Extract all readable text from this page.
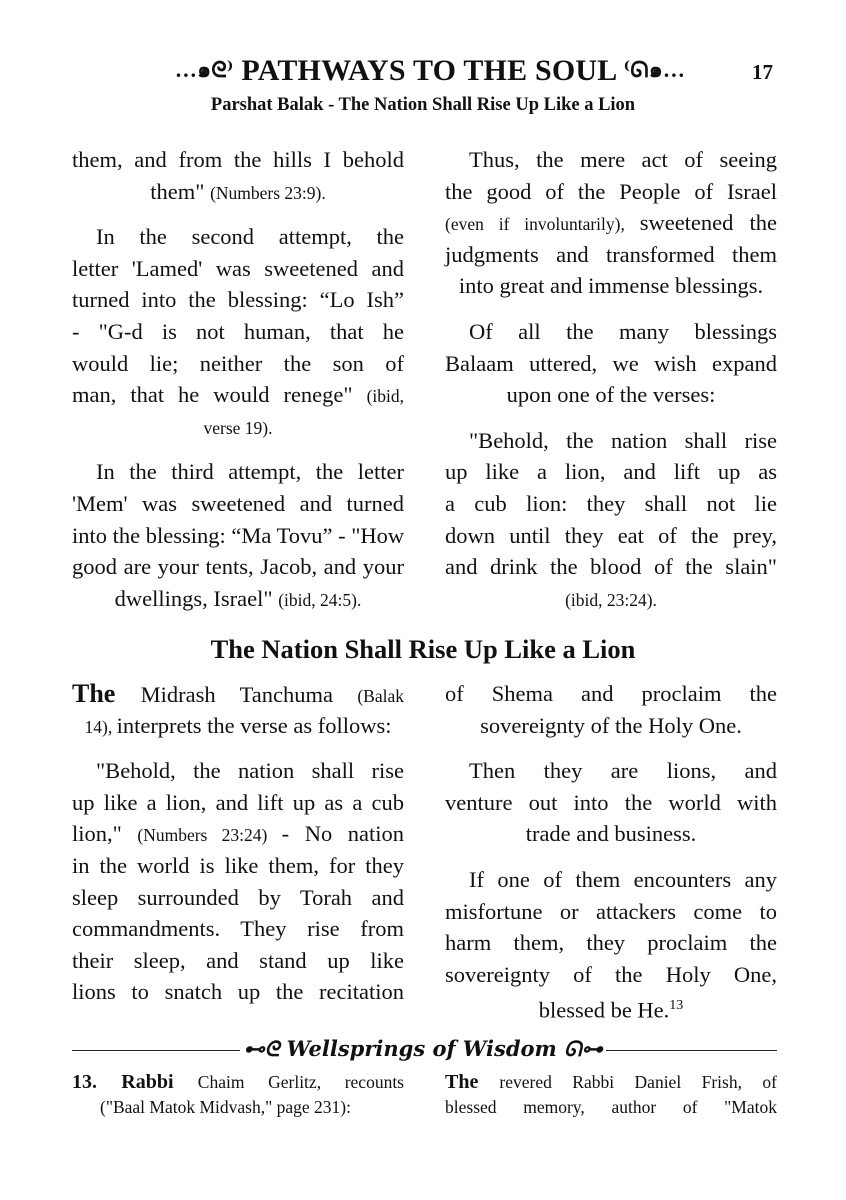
…๑ᘓ⁾ PATHWAYS TO THE SOUL ⁽ᘏ๑…	17
Parshat Balak - The Nation Shall Rise Up Like a Lion
them, and from the hills I behold
them" (Numbers 23:9).
In the second attempt, the
letter 'Lamed' was sweetened and
turned into the blessing: “Lo Ish”
- "G-d is not human, that he
would lie; neither the son of
man, that he would renege" (ibid,
verse 19).
In the third attempt, the letter
'Mem' was sweetened and turned
into the blessing: “Ma Tovu” - "How
good are your tents, Jacob, and your
dwellings, Israel" (ibid, 24:5).
Thus, the mere act of seeing
the good of the People of Israel
(even if involuntarily), sweetened the
judgments and transformed them
into great and immense blessings.
Of all the many blessings
Balaam uttered, we wish expand
upon one of the verses:
"Behold, the nation shall rise
up like a lion, and lift up as
a cub lion: they shall not lie
down until they eat of the prey,
and drink the blood of the slain"
(ibid, 23:24).
The Nation Shall Rise Up Like a Lion
The Midrash Tanchuma (Balak
14), interprets the verse as follows:
"Behold, the nation shall rise
up like a lion, and lift up as a cub
lion," (Numbers 23:24) - No nation
in the world is like them, for they
sleep surrounded by Torah and
commandments. They rise from
their sleep, and stand up like
lions to snatch up the recitation
of Shema and proclaim the
sovereignty of the Holy One.
Then they are lions, and
venture out into the world with
trade and business.
If one of them encounters any
misfortune or attackers come to
harm them, they proclaim the
sovereignty of the Holy One,
blessed be He.$^{13}$
⊷ᘓ Wellsprings of Wisdom ᘏ⊶
13. Rabbi Chaim Gerlitz, recounts
("Baal Matok Midvash," page 231):
The revered Rabbi Daniel Frish, of
blessed memory, author of "Matok
